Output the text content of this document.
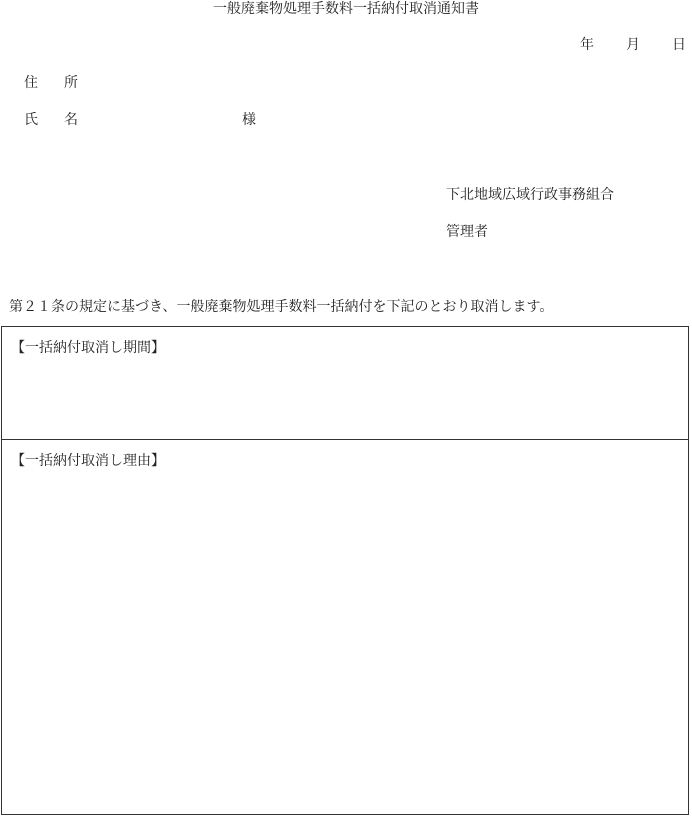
一般廃棄物処理手数料一括納付取消通知書
年 月 日
住 所
氏 名	様
下北地域広域行政事務組合
管理者
第２１条の規定に基づき、一般廃棄物処理手数料一括納付を下記のとおり取消します。
【一括納付取消し期間】
【一括納付取消し理由】
